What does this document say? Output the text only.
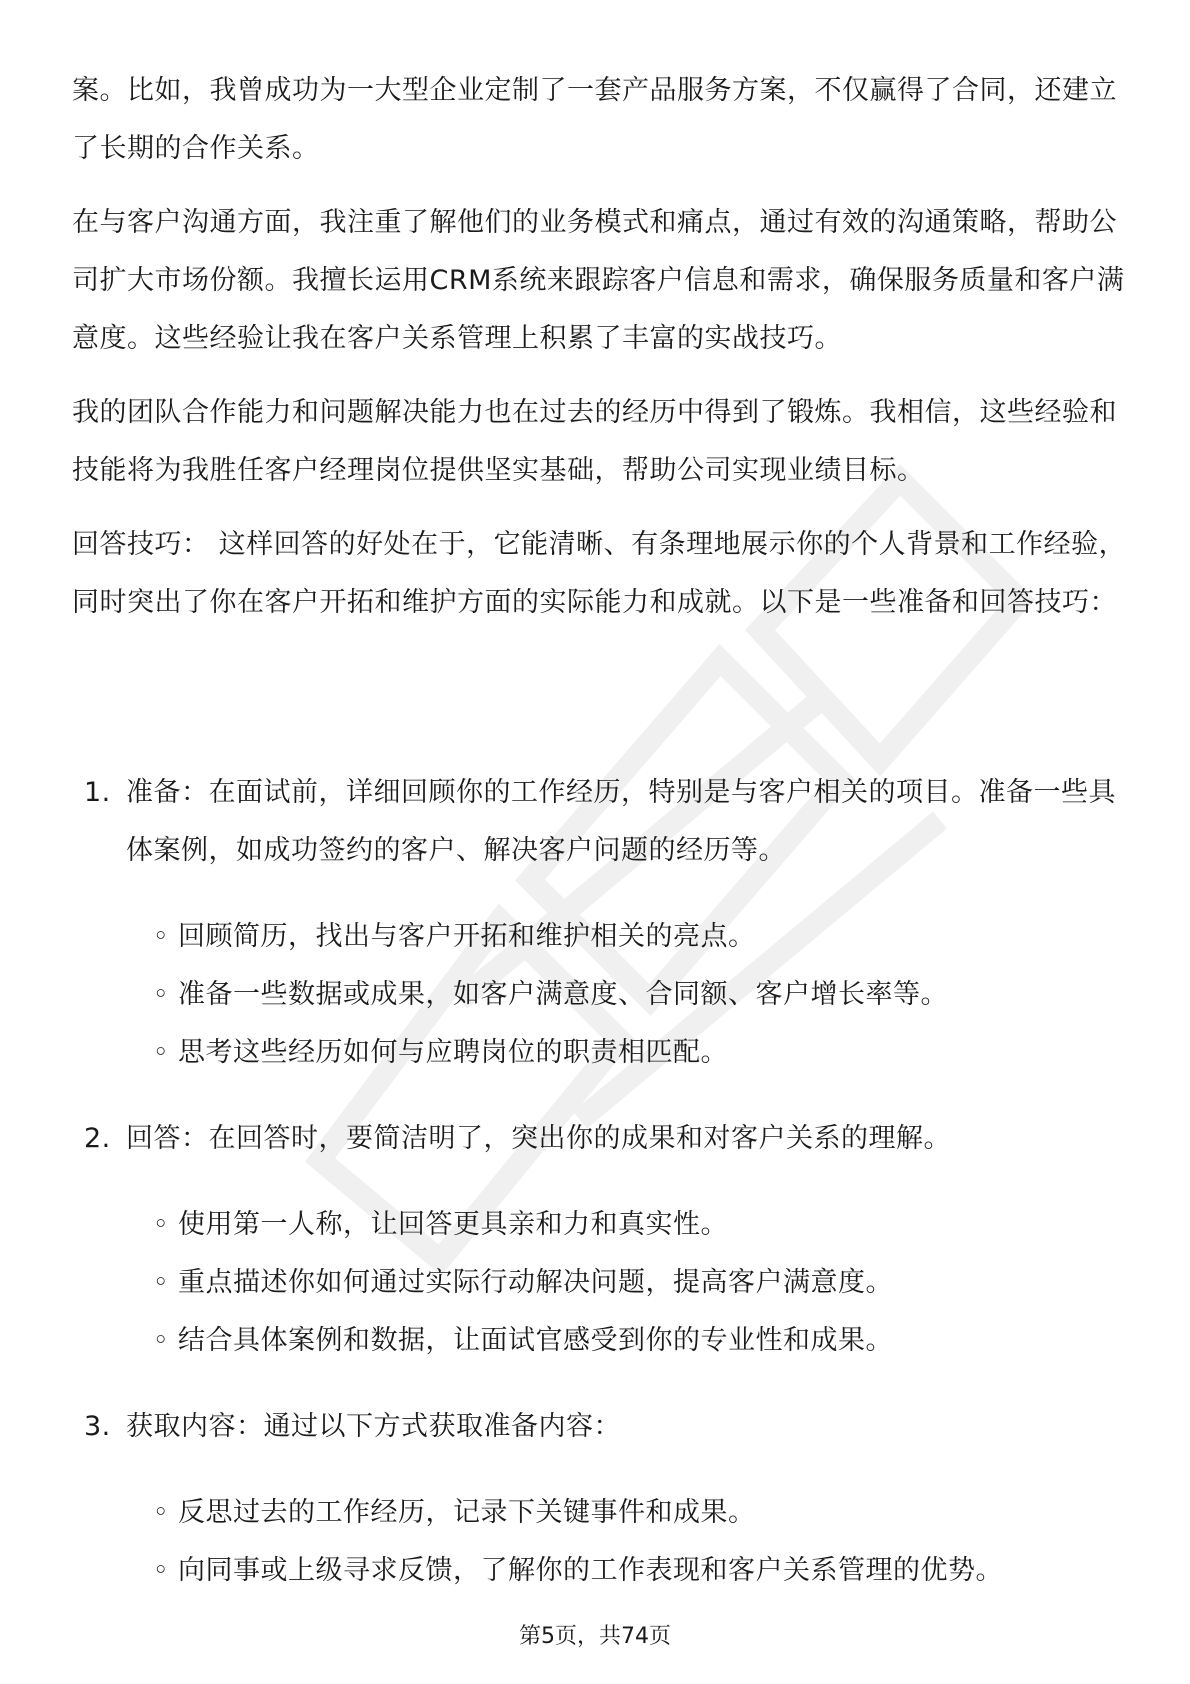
案。比如，我曾成功为一大型企业定制了一套产品服务方案，不仅赢得了合同，还建立了长期的合作关系。

在与客户沟通方面，我注重了解他们的业务模式和痛点，通过有效的沟通策略，帮助公司扩大市场份额。我擅长运用CRM系统来跟踪客户信息和需求，确保服务质量和客户满意度。这些经验让我在客户关系管理上积累了丰富的实战技巧。

我的团队合作能力和问题解决能力也在过去的经历中得到了锻炼。我相信，这些经验和技能将为我胜任客户经理岗位提供坚实基础，帮助公司实现业绩目标。

回答技巧： 这样回答的好处在于，它能清晰、有条理地展示你的个人背景和工作经验，同时突出了你在客户开拓和维护方面的实际能力和成就。以下是一些准备和回答技巧：

1. 准备：在面试前，详细回顾你的工作经历，特别是与客户相关的项目。准备一些具体案例，如成功签约的客户、解决客户问题的经历等。
◦ 回顾简历，找出与客户开拓和维护相关的亮点。
◦ 准备一些数据或成果，如客户满意度、合同额、客户增长率等。
◦ 思考这些经历如何与应聘岗位的职责相匹配。
2. 回答：在回答时，要简洁明了，突出你的成果和对客户关系的理解。
◦ 使用第一人称，让回答更具亲和力和真实性。
◦ 重点描述你如何通过实际行动解决问题，提高客户满意度。
◦ 结合具体案例和数据，让面试官感受到你的专业性和成果。
3. 获取内容：通过以下方式获取准备内容：
◦ 反思过去的工作经历，记录下关键事件和成果。
◦ 向同事或上级寻求反馈，了解你的工作表现和客户关系管理的优势。
第5页，共74页
